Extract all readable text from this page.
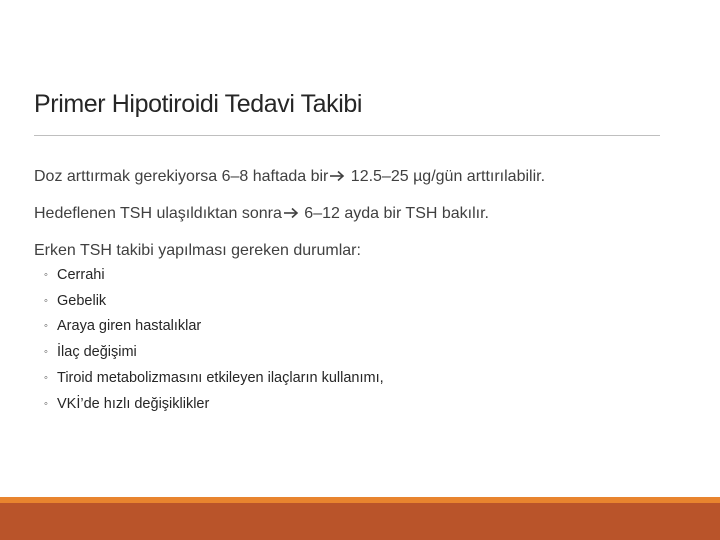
Primer Hipotiroidi Tedavi Takibi
Doz arttırmak gerekiyorsa 6–8 haftada bir 12.5–25 µg/gün arttırılabilir.
Hedeflenen TSH ulaşıldıktan sonra 6–12 ayda bir TSH bakılır.
Erken TSH takibi yapılması gereken durumlar:
◦ Cerrahi
◦ Gebelik
◦ Araya giren hastalıklar
◦ İlaç değişimi
◦ Tiroid metabolizmasını etkileyen ilaçların kullanımı,
◦ VKİ’de hızlı değişiklikler
